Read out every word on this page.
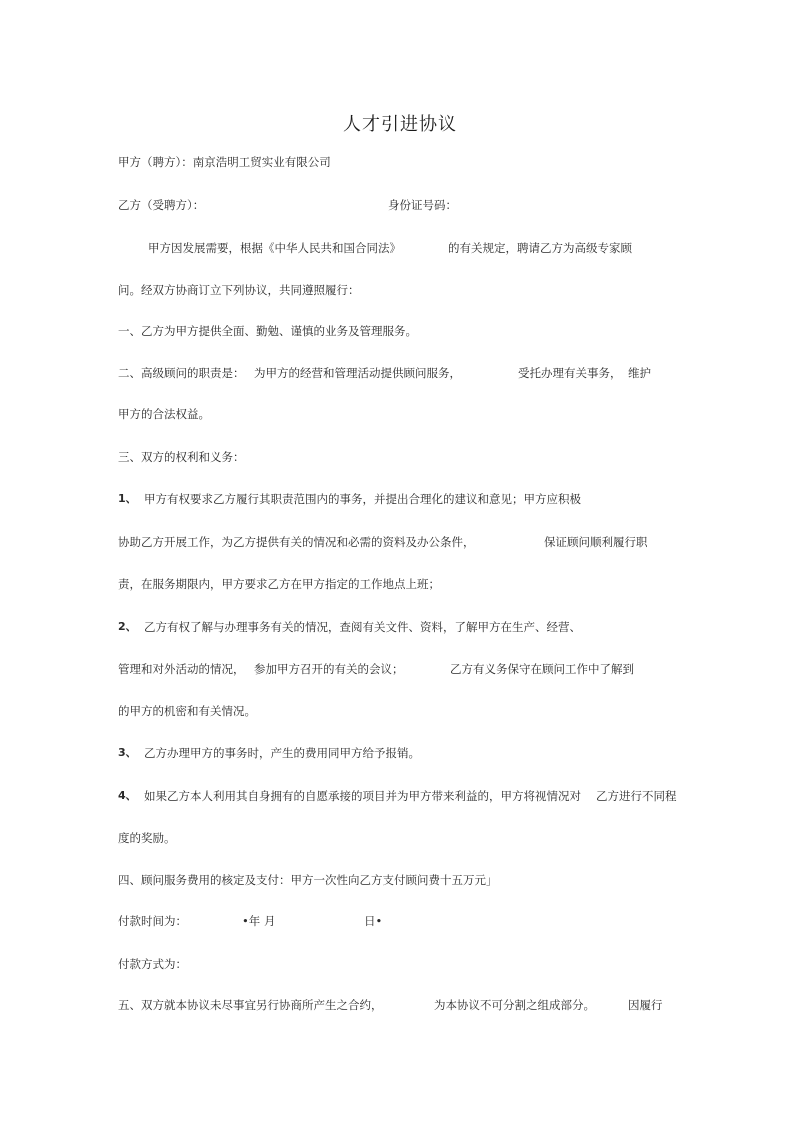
人才引进协议
甲方（聘方）：南京浩明工贸实业有限公司
乙方（受聘方）：	身份证号码：
甲方因发展需要，根据《中华人民共和国合同法》	的有关规定，聘请乙方为高级专家顾
问。经双方协商订立下列协议，共同遵照履行：
一、乙方为甲方提供全面、勤勉、谨慎的业务及管理服务。
二、高级顾问的职责是： 为甲方的经营和管理活动提供顾问服务，	受托办理有关事务， 维护
甲方的合法权益。
三、双方的权利和义务：
1、 甲方有权要求乙方履行其职责范围内的事务，并提出合理化的建议和意见；甲方应积极
协助乙方开展工作，为乙方提供有关的情况和必需的资料及办公条件，	保证顾问顺利履行职
责，在服务期限内，甲方要求乙方在甲方指定的工作地点上班；
2、 乙方有权了解与办理事务有关的情况，查阅有关文件、资料，了解甲方在生产、经营、
管理和对外活动的情况， 参加甲方召开的有关的会议；	乙方有义务保守在顾问工作中了解到
的甲方的机密和有关情况。
3、 乙方办理甲方的事务时，产生的费用同甲方给予报销。
4、 如果乙方本人利用其自身拥有的自愿承接的项目并为甲方带来利益的，甲方将视情况对 乙方进行不同程
度的奖励。
四、顾问服务费用的核定及支付：甲方一次性向乙方支付顾问费十五万元」
付款时间为：	•年 月	日•
付款方式为：
五、双方就本协议未尽事宜另行协商所产生之合约，	为本协议不可分割之组成部分。	因履行
